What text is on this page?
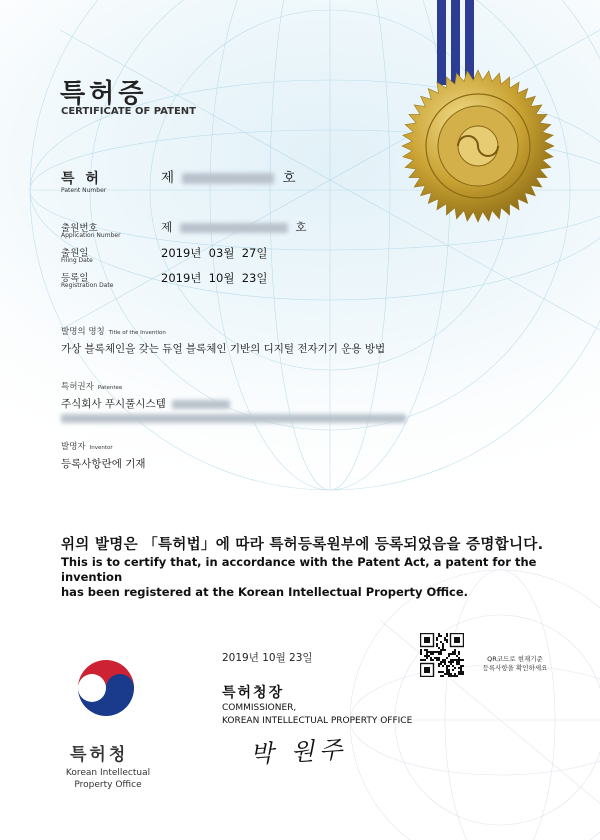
특허증
CERTIFICATE OF PATENT
특 허
Patent Number
제	호
출원번호
Application Number
제	호
출원일
Filing Date
2019년  03월  27일
등록일
Registration Date
2019년  10월  23일
발명의 명칭 Title of the Invention
가상 블록체인을 갖는 듀얼 블록체인 기반의 디지털 전자기기 운용 방법
특허권자 Patentee
주식회사 푸시풀시스템
발명자 Inventor
등록사항란에 기재
위의 발명은 「특허법」에 따라 특허등록원부에 등록되었음을 증명합니다.
This is to certify that, in accordance with the Patent Act, a patent for the invention
has been registered at the Korean Intellectual Property Office.
2019년 10월 23일
특허청장
COMMISSIONER,
KOREAN INTELLECTUAL PROPERTY OFFICE
박 원주
특허청
Korean Intellectual
Property Office
QR코드로 현재기준
등록사항을 확인하세요
